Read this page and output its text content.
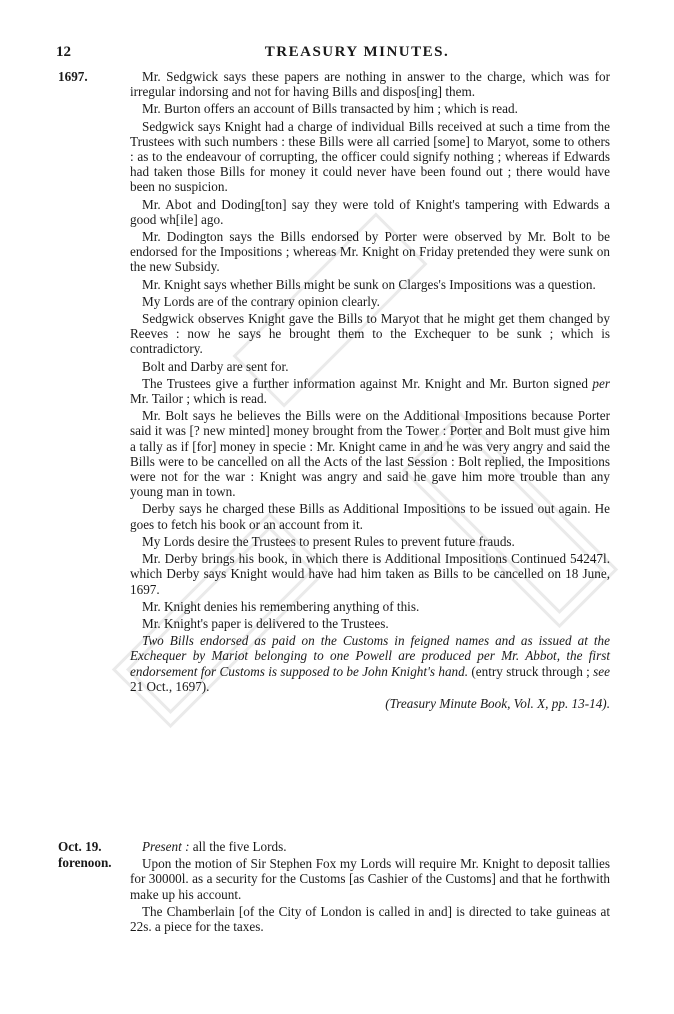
12	TREASURY MINUTES.
1697.
Oct. 19.
forenoon.

Mr. Sedgwick says these papers are nothing in answer to the charge, which was for irregular indorsing and not for having Bills and dispos[ing] them.

Mr. Burton offers an account of Bills transacted by him ; which is read.

Sedgwick says Knight had a charge of individual Bills received at such a time from the Trustees with such numbers : these Bills were all carried [some] to Maryot, some to others : as to the endeavour of corrupting, the officer could signify nothing ; whereas if Edwards had taken those Bills for money it could never have been found out ; there would have been no suspicion.

Mr. Abot and Doding[ton] say they were told of Knight's tampering with Edwards a good wh[ile] ago.

Mr. Dodington says the Bills endorsed by Porter were observed by Mr. Bolt to be endorsed for the Impositions ; whereas Mr. Knight on Friday pretended they were sunk on the new Subsidy.

Mr. Knight says whether Bills might be sunk on Clarges's Impositions was a question.

My Lords are of the contrary opinion clearly.

Sedgwick observes Knight gave the Bills to Maryot that he might get them changed by Reeves : now he says he brought them to the Exchequer to be sunk ; which is contradictory.

Bolt and Darby are sent for.

The Trustees give a further information against Mr. Knight and Mr. Burton signed per Mr. Tailor ; which is read.

Mr. Bolt says he believes the Bills were on the Additional Impositions because Porter said it was [? new minted] money brought from the Tower : Porter and Bolt must give him a tally as if [for] money in specie : Mr. Knight came in and he was very angry and said the Bills were to be cancelled on all the Acts of the last Session : Bolt replied, the Impositions were not for the war : Knight was angry and said he gave him more trouble than any young man in town.

Derby says he charged these Bills as Additional Impositions to be issued out again. He goes to fetch his book or an account from it.

My Lords desire the Trustees to present Rules to prevent future frauds.

Mr. Derby brings his book, in which there is Additional Impositions Continued 54247l. which Derby says Knight would have had him taken as Bills to be cancelled on 18 June, 1697.

Mr. Knight denies his remembering anything of this.

Mr. Knight's paper is delivered to the Trustees.

Two Bills endorsed as paid on the Customs in feigned names and as issued at the Exchequer by Mariot belonging to one Powell are produced per Mr. Abbot, the first endorsement for Customs is supposed to be John Knight's hand. (entry struck through ; see 21 Oct., 1697).

(Treasury Minute Book, Vol. X, pp. 13-14).

Present : all the five Lords.

Upon the motion of Sir Stephen Fox my Lords will require Mr. Knight to deposit tallies for 30000l. as a security for the Customs [as Cashier of the Customs] and that he forthwith make up his account.

The Chamberlain [of the City of London is called in and] is directed to take guineas at 22s. a piece for the taxes.
